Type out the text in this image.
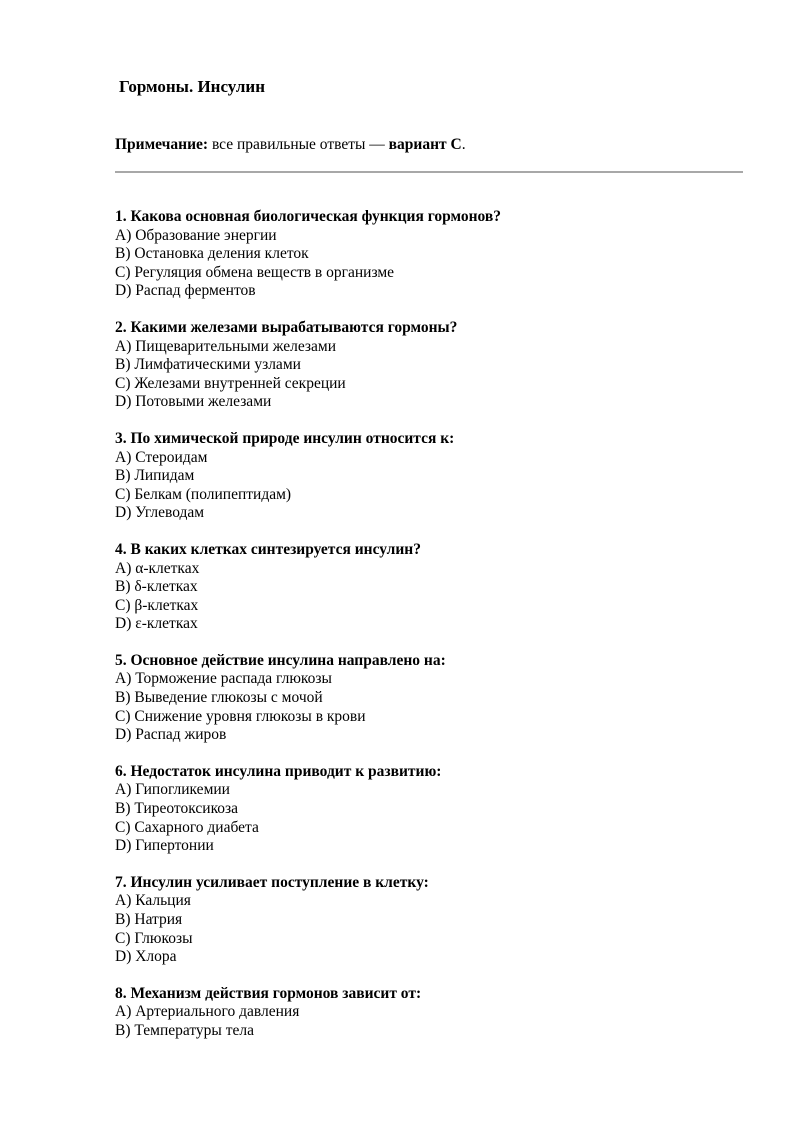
Гормоны. Инсулин

Примечание: все правильные ответы — вариант С.

1. Какова основная биологическая функция гормонов?
A) Образование энергии
B) Остановка деления клеток
C) Регуляция обмена веществ в организме
D) Распад ферментов
2. Какими железами вырабатываются гормоны?
A) Пищеварительными железами
B) Лимфатическими узлами
C) Железами внутренней секреции
D) Потовыми железами
3. По химической природе инсулин относится к:
A) Стероидам
B) Липидам
C) Белкам (полипептидам)
D) Углеводам
4. В каких клетках синтезируется инсулин?
A) α-клетках
B) δ-клетках
C) β-клетках
D) ε-клетках
5. Основное действие инсулина направлено на:
A) Торможение распада глюкозы
B) Выведение глюкозы с мочой
C) Снижение уровня глюкозы в крови
D) Распад жиров
6. Недостаток инсулина приводит к развитию:
A) Гипогликемии
B) Тиреотоксикоза
C) Сахарного диабета
D) Гипертонии
7. Инсулин усиливает поступление в клетку:
A) Кальция
B) Натрия
C) Глюкозы
D) Хлора
8. Механизм действия гормонов зависит от:
A) Артериального давления
B) Температуры тела
